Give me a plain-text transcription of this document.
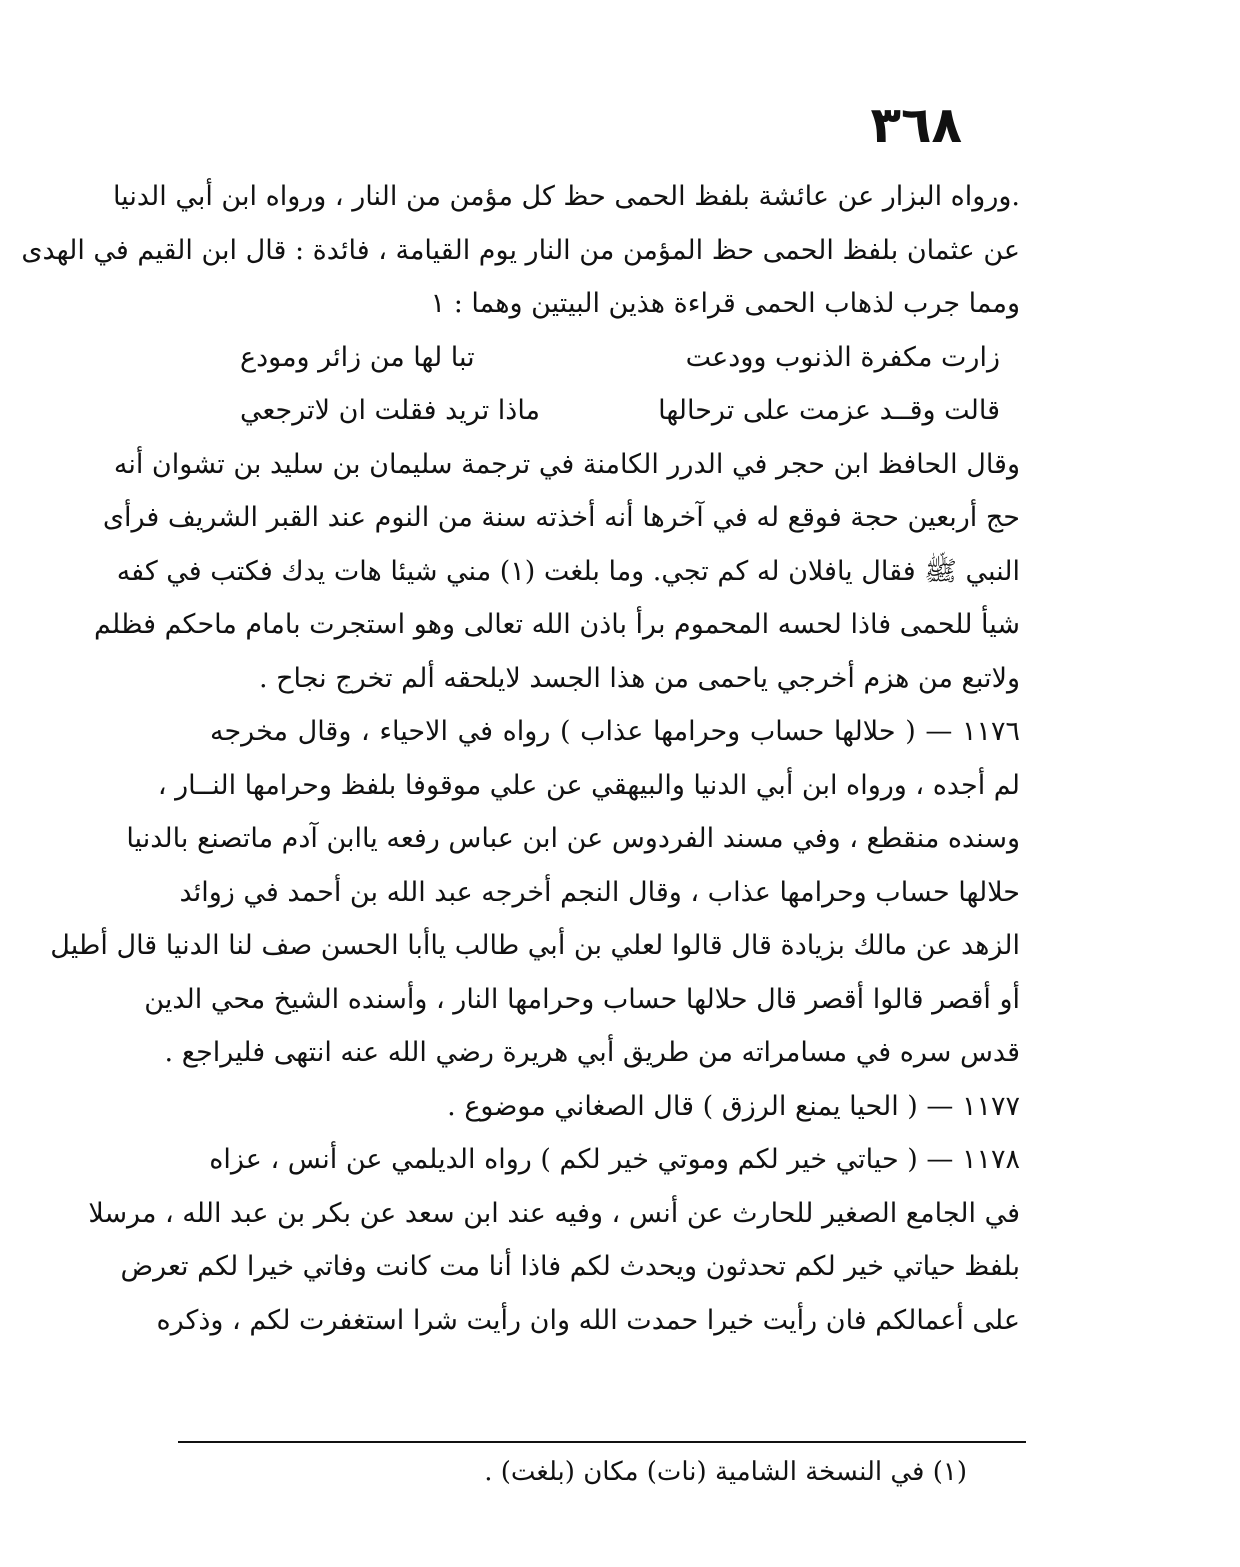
٣٦٨

.ورواه البزار عن عائشة بلفظ الحمى حظ كل مؤمن من النار ، ورواه ابن أبي الدنيا

عن عثمان بلفظ الحمى حظ المؤمن من النار يوم القيامة ، فائدة : قال ابن القيم في الهدى

ومما جرب لذهاب الحمى قراءة هذين البيتين وهما : ١

زارت مكفرة الذنوب وودعت
تبا لها من زائر ومودع
قالت وقــد عزمت على ترحالها
ماذا تريد فقلت ان لاترجعي

وقال الحافظ ابن حجر في الدرر الكامنة في ترجمة سليمان بن سليد بن تشوان أنه

حج أربعين حجة فوقع له في آخرها أنه أخذته سنة من النوم عند القبر الشريف فرأى

النبي ﷺ فقال يافلان له كم تجي. وما بلغت (١) مني شيئا هات يدك فكتب في كفه

شيأ للحمى فاذا لحسه المحموم برأ باذن الله تعالى وهو استجرت بامام ماحكم فظلم

ولاتبع من هزم أخرجي ياحمى من هذا الجسد لايلحقه ألم تخرج نجاح .

١١٧٦ — ( حلالها حساب وحرامها عذاب ) رواه في الاحياء ، وقال مخرجه

لم أجده ، ورواه ابن أبي الدنيا والبيهقي عن علي موقوفا بلفظ وحرامها النــار ،

وسنده منقطع ، وفي مسند الفردوس عن ابن عباس رفعه ياابن آدم ماتصنع بالدنيا

حلالها حساب وحرامها عذاب ، وقال النجم أخرجه عبد الله بن أحمد في زوائد

الزهد عن مالك بزيادة قال قالوا لعلي بن أبي طالب ياأبا الحسن صف لنا الدنيا قال أطيل

أو أقصر قالوا أقصر قال حلالها حساب وحرامها النار ، وأسنده الشيخ محي الدين

قدس سره في مسامراته من طريق أبي هريرة رضي الله عنه انتهى فليراجع .

١١٧٧ — ( الحيا يمنع الرزق ) قال الصغاني موضوع .

١١٧٨ — ( حياتي خير لكم وموتي خير لكم ) رواه الديلمي عن أنس ، عزاه

في الجامع الصغير للحارث عن أنس ، وفيه عند ابن سعد عن بكر بن عبد الله ، مرسلا

بلفظ حياتي خير لكم تحدثون ويحدث لكم فاذا أنا مت كانت وفاتي خيرا لكم تعرض

على أعمالكم فان رأيت خيرا حمدت الله وان رأيت شرا استغفرت لكم ، وذكره

(١) في النسخة الشامية (نات) مكان (بلغت) .
